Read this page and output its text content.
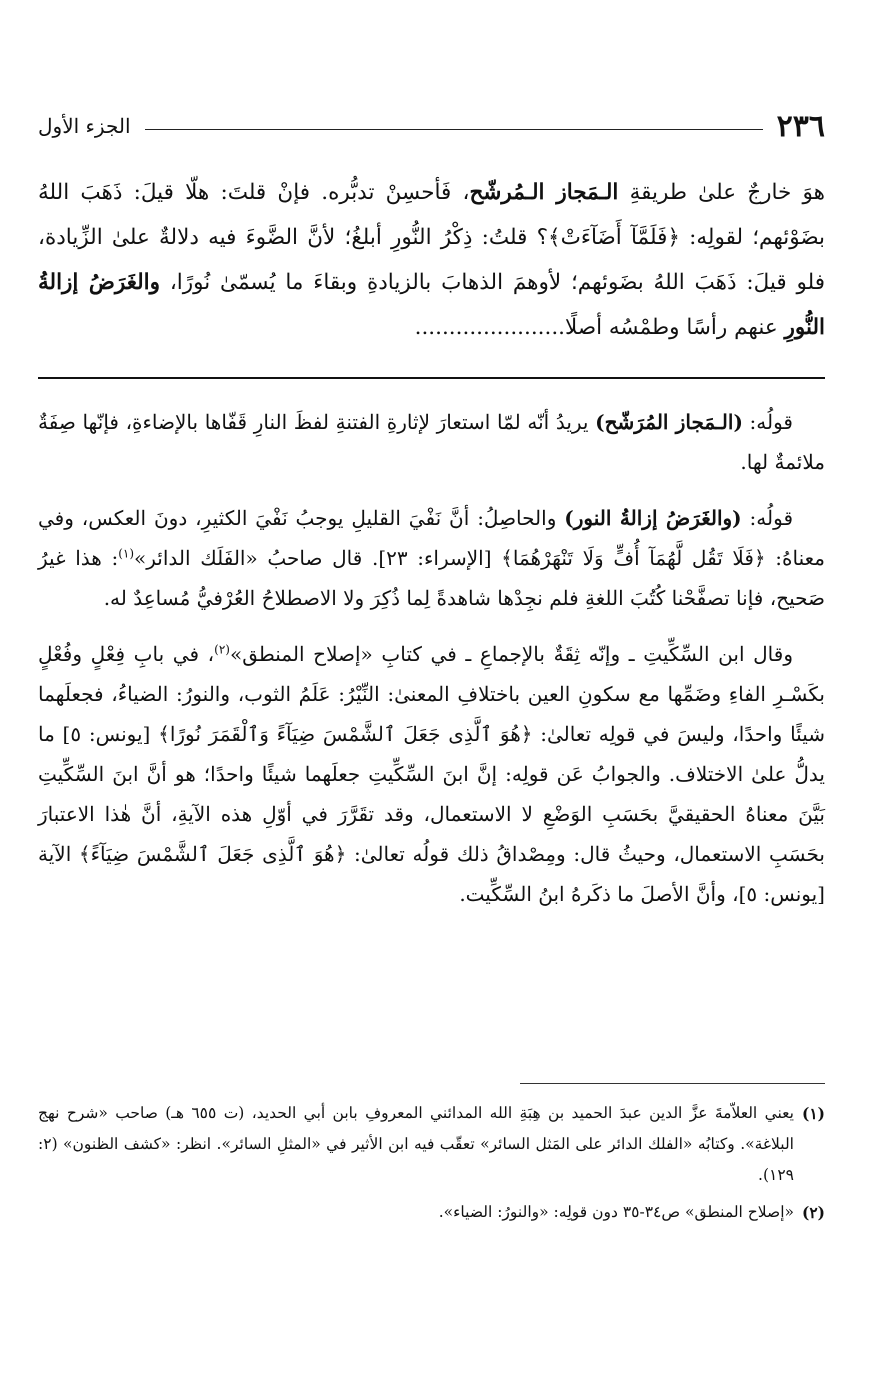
٢٣٦
الجزء الأول

هوَ خارجٌ علىٰ طريقةِ الـمَجاز الـمُرشّح، فَأحسِنْ تدبُّره. فإنْ قلتَ: هلّا قيلَ: ذَهَبَ اللهُ بضَوْئهم؛ لقولِه: ﴿فَلَمَّآ أَضَآءَتْ﴾؟ قلتُ: ذِكْرُ النُّورِ أبلغُ؛ لأنَّ الضَّوءَ فيه دلالةٌ علىٰ الزِّيادة، فلو قيلَ: ذَهَبَ اللهُ بضَوئهم؛ لأوهمَ الذهابَ بالزيادةِ وبقاءَ ما يُسمّىٰ نُورًا، والغَرَضُ إزالةُ النُّورِ عنهم رأسًا وطمْسُه أصلًا......................

قولُه: (الـمَجاز المُرَشّح) يريدُ أنّه لمّا استعارَ لإثارةِ الفتنةِ لفظَ النارِ قَفّاها بالإضاءةِ، فإنّها صِفَةٌ ملائمةٌ لها.

قولُه: (والغَرَضُ إزالةُ النور) والحاصِلُ: أنَّ نَفْيَ القليلِ يوجبُ نَفْيَ الكثيرِ، دونَ العكس، وفي معناهُ: ﴿فَلَا تَقُل لَّهُمَآ أُفٍّ وَلَا تَنْهَرْهُمَا﴾ [الإسراء: ٢٣]. قال صاحبُ «الفَلَك الدائر»$^{(١)}$: هذا غيرُ صَحيح، فإنا تصفَّحْنا كُتُبَ اللغةِ فلم نجِدْها شاهدةً لِما ذُكِرَ ولا الاصطلاحُ العُرْفيُّ مُساعِدٌ له.

وقال ابن السِّكِّيتِ ـ وإنّه ثِقَةٌ بالإجماعِ ـ في كتابِ «إصلاح المنطق»$^{(٢)}$، في بابِ فِعْلٍ وفُعْلٍ بكَسْـرِ الفاءِ وضَمِّها مع سكونِ العين باختلافِ المعنىٰ: النِّيْرُ: عَلَمُ الثوب، والنورُ: الضياءُ، فجعلَهما شيئًا واحدًا، وليسَ في قولِه تعالىٰ: ﴿هُوَ ٱلَّذِى جَعَلَ ٱلشَّمْسَ ضِيَآءً وَٱلْقَمَرَ نُورًا﴾ [يونس: ٥] ما يدلُّ علىٰ الاختلاف. والجوابُ عَن قولِه: إنَّ ابنَ السِّكِّيتِ جعلَهما شيئًا واحدًا؛ هو أنَّ ابنَ السِّكِّيتِ بَيَّنَ معناهُ الحقيقيَّ بحَسَبِ الوَضْعِ لا الاستعمال، وقد تقَرَّرَ في أوّلِ هذه الآيةِ، أنَّ هٰذا الاعتبارَ بحَسَبِ الاستعمال، وحيثُ قال: ومِصْداقُ ذلك قولُه تعالىٰ: ﴿هُوَ ٱلَّذِى جَعَلَ ٱلشَّمْسَ ضِيَآءً﴾ الآية [يونس: ٥]، وأنَّ الأصلَ ما ذكَرهُ ابنُ السِّكِّيت.

(١)
يعني العلاّمةَ عزَّ الدين عبدَ الحميد بن هِبَةِ الله المدائني المعروفِ بابن أبي الحديد، (ت ٦٥٥ هـ) صاحب «شرح نهج البلاغة». وكتابُه «الفلك الدائر على المَثل السائر» تعقّب فيه ابن الأثير في «المثلِ السائر». انظر: «كشف الظنون» (٢: ١٢٩).
(٢)
«إصلاح المنطق» ص٣٤-٣٥ دون قولِه: «والنورُ: الضياء».
